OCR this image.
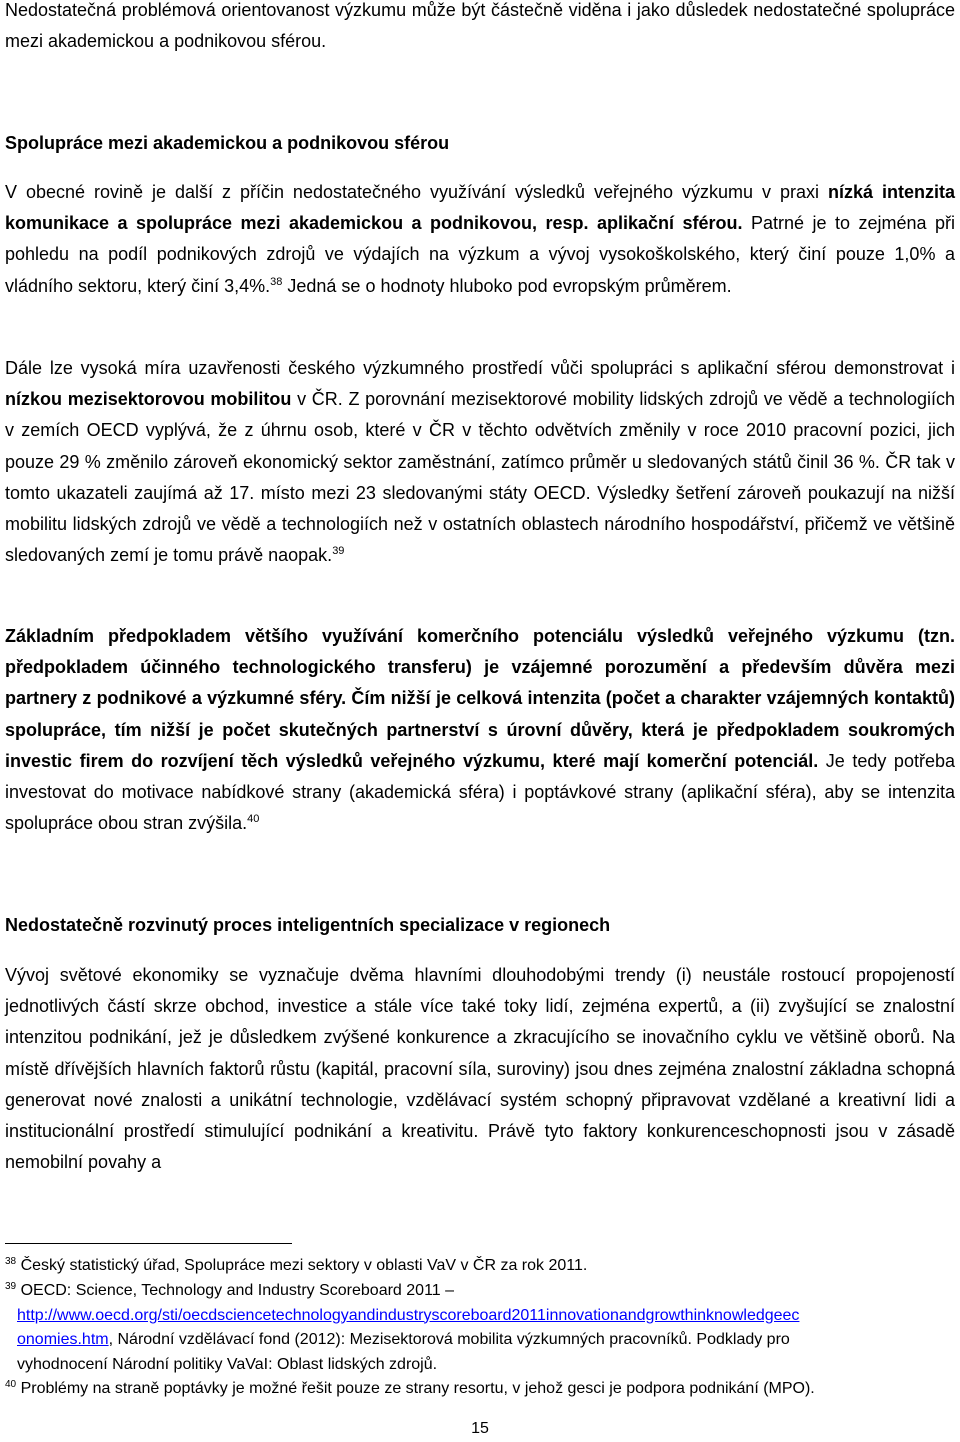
Nedostatečná problémová orientovanost výzkumu může být částečně viděna i jako důsledek nedostatečné spolupráce mezi akademickou a podnikovou sférou.
Spolupráce mezi akademickou a podnikovou sférou
V obecné rovině je další z příčin nedostatečného využívání výsledků veřejného výzkumu v praxi nízká intenzita komunikace a spolupráce mezi akademickou a podnikovou, resp. aplikační sférou. Patrné je to zejména při pohledu na podíl podnikových zdrojů ve výdajích na výzkum a vývoj vysokoškolského, který činí pouze 1,0% a vládního sektoru, který činí 3,4%.$^{38}$ Jedná se o hodnoty hluboko pod evropským průměrem.
Dále lze vysoká míra uzavřenosti českého výzkumného prostředí vůči spolupráci s aplikační sférou demonstrovat i nízkou mezisektorovou mobilitou v ČR. Z porovnání mezisektorové mobility lidských zdrojů ve vědě a technologiích v zemích OECD vyplývá, že z úhrnu osob, které v ČR v těchto odvětvích změnily v roce 2010 pracovní pozici, jich pouze 29 % změnilo zároveň ekonomický sektor zaměstnání, zatímco průměr u sledovaných států činil 36 %. ČR tak v tomto ukazateli zaujímá až 17. místo mezi 23 sledovanými státy OECD. Výsledky šetření zároveň poukazují na nižší mobilitu lidských zdrojů ve vědě a technologiích než v ostatních oblastech národního hospodářství, přičemž ve většině sledovaných zemí je tomu právě naopak.$^{39}$
Základním předpokladem většího využívání komerčního potenciálu výsledků veřejného výzkumu (tzn. předpokladem účinného technologického transferu) je vzájemné porozumění a především důvěra mezi partnery z podnikové a výzkumné sféry. Čím nižší je celková intenzita (počet a charakter vzájemných kontaktů) spolupráce, tím nižší je počet skutečných partnerství s úrovní důvěry, která je předpokladem soukromých investic firem do rozvíjení těch výsledků veřejného výzkumu, které mají komerční potenciál. Je tedy potřeba investovat do motivace nabídkové strany (akademická sféra) i poptávkové strany (aplikační sféra), aby se intenzita spolupráce obou stran zvýšila.$^{40}$
Nedostatečně rozvinutý proces inteligentních specializace v regionech
Vývoj světové ekonomiky se vyznačuje dvěma hlavními dlouhodobými trendy (i) neustále rostoucí propojeností jednotlivých částí skrze obchod, investice a stále více také toky lidí, zejména expertů, a (ii) zvyšující se znalostní intenzitou podnikání, jež je důsledkem zvýšené konkurence a zkracujícího se inovačního cyklu ve většině oborů. Na místě dřívějších hlavních faktorů růstu (kapitál, pracovní síla, suroviny) jsou dnes zejména znalostní základna schopná generovat nové znalosti a unikátní technologie, vzdělávací systém schopný připravovat vzdělané a kreativní lidi a institucionální prostředí stimulující podnikání a kreativitu. Právě tyto faktory konkurenceschopnosti jsou v zásadě nemobilní povahy a
$^{38}$ Český statistický úřad, Spolupráce mezi sektory v oblasti VaV v ČR za rok 2011.
$^{39}$ OECD: Science, Technology and Industry Scoreboard 2011 –
http://www.oecd.org/sti/oecdsciencetechnologyandindustryscoreboard2011innovationandgrowthinknowledgeec
onomies.htm, Národní vzdělávací fond (2012): Mezisektorová mobilita výzkumných pracovníků. Podklady pro
vyhodnocení Národní politiky VaVaI: Oblast lidských zdrojů.
$^{40}$ Problémy na straně poptávky je možné řešit pouze ze strany resortu, v jehož gesci je podpora podnikání (MPO).
15
